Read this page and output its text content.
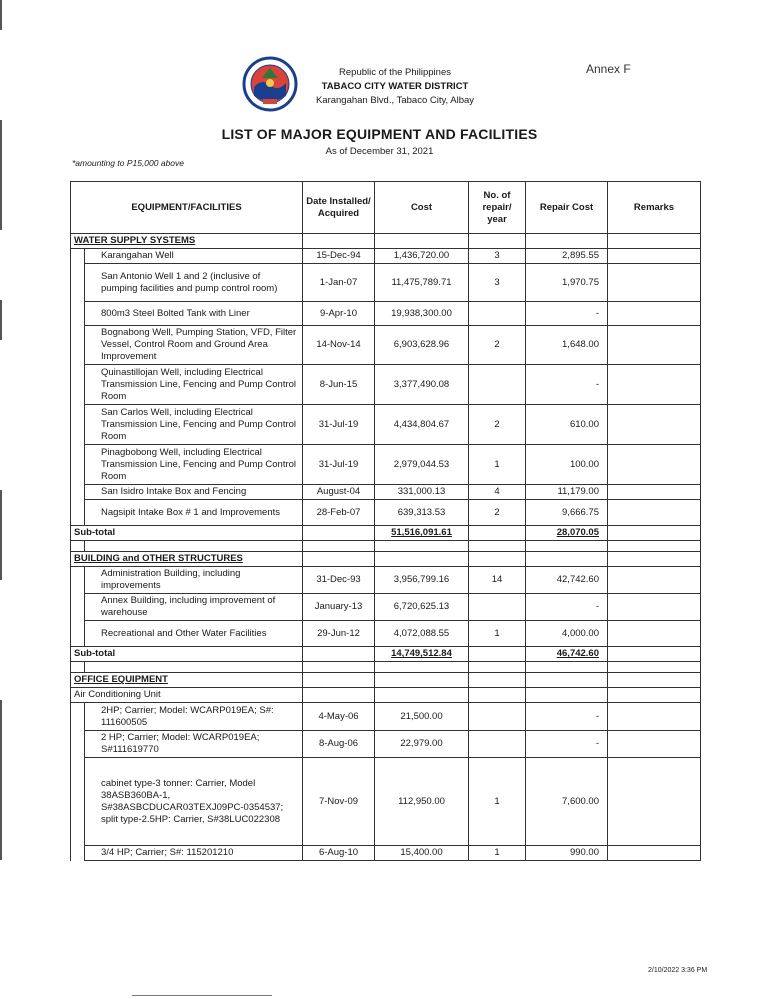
Republic of the Philippines
TABACO CITY WATER DISTRICT
Karangahan Blvd., Tabaco City, Albay
Annex F
LIST OF MAJOR EQUIPMENT AND FACILITIES
As of December 31, 2021
*amounting to P15,000 above
EQUIPMENT/FACILITIES		Date Installed/ Acquired	Cost	No. of repair/ year	Repair Cost	Remarks
WATER SUPPLY SYSTEMS						
	Karangahan Well	15-Dec-94	1,436,720.00	3	2,895.55	
	San Antonio Well 1 and 2 (inclusive of pumping facilities and pump control room)	1-Jan-07	11,475,789.71	3	1,970.75	
	800m3 Steel Bolted Tank with Liner	9-Apr-10	19,938,300.00		-	
	Bognabong Well, Pumping Station, VFD, Filter Vessel, Control Room and Ground Area Improvement	14-Nov-14	6,903,628.96	2	1,648.00	
	Quinastillojan Well, including Electrical Transmission Line, Fencing and Pump Control Room	8-Jun-15	3,377,490.08		-	
	San Carlos Well, including Electrical Transmission Line, Fencing and Pump Control Room	31-Jul-19	4,434,804.67	2	610.00	
	Pinagbobong Well, including Electrical Transmission Line, Fencing and Pump Control Room	31-Jul-19	2,979,044.53	1	100.00	
	San Isidro Intake Box and Fencing	August-04	331,000.13	4	11,179.00	
	Nagsipit Intake Box # 1 and Improvements	28-Feb-07	639,313.53	2	9,666.75	
Sub-total			51,516,091.61		28,070.05	

BUILDING and OTHER STRUCTURES						
	Administration Building, including improvements	31-Dec-93	3,956,799.16	14	42,742.60	
	Annex Building, including improvement of warehouse	January-13	6,720,625.13		-	
	Recreational and Other Water Facilities	29-Jun-12	4,072,088.55	1	4,000.00	
Sub-total			14,749,512.84		46,742.60	

OFFICE EQUIPMENT						
Air Conditioning Unit						
	2HP; Carrier; Model: WCARP019EA; S#: 111600505	4-May-06	21,500.00		-	
	2 HP; Carrier; Model: WCARP019EA; S#111619770	8-Aug-06	22,979.00		-	
	cabinet type-3 tonner: Carrier, Model 38ASB360BA-1, S#38ASBCDUCAR03TEXJ09PC-0354537; split type-2.5HP: Carrier, S#38LUC022308	7-Nov-09	112,950.00	1	7,600.00	
	3/4 HP; Carrier; S#: 115201210	6-Aug-10	15,400.00	1	990.00	
2/10/2022 3:36 PM
